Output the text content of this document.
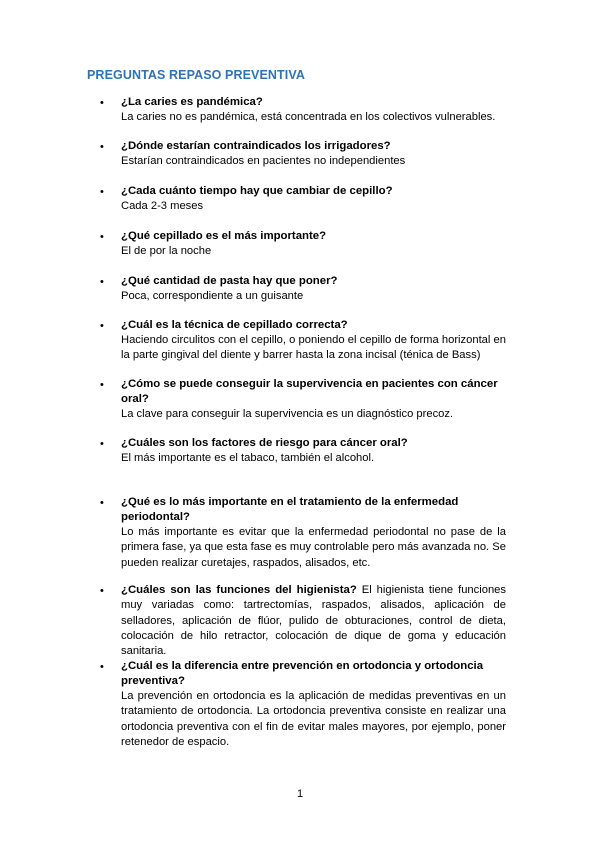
PREGUNTAS REPASO PREVENTIVA
• ¿La caries es pandémica?
La caries no es pandémica, está concentrada en los colectivos vulnerables.
• ¿Dónde estarían contraindicados los irrigadores?
Estarían contraindicados en pacientes no independientes
• ¿Cada cuánto tiempo hay que cambiar de cepillo?
Cada 2-3 meses
• ¿Qué cepillado es el más importante?
El de por la noche
• ¿Qué cantidad de pasta hay que poner?
Poca, correspondiente a un guisante
• ¿Cuál es la técnica de cepillado correcta?
Haciendo circulitos con el cepillo, o poniendo el cepillo de forma horizontal en la parte gingival del diente y barrer hasta la zona incisal (ténica de Bass)
• ¿Cómo se puede conseguir la supervivencia en pacientes con cáncer oral?
La clave para conseguir la supervivencia es un diagnóstico precoz.
• ¿Cuáles son los factores de riesgo para cáncer oral?
El más importante es el tabaco, también el alcohol.
• ¿Qué es lo más importante en el tratamiento de la enfermedad periodontal?
Lo más importante es evitar que la enfermedad periodontal no pase de la primera fase, ya que esta fase es muy controlable pero más avanzada no. Se pueden realizar curetajes, raspados, alisados, etc.
• ¿Cuáles son las funciones del higienista? El higienista tiene funciones muy variadas como: tartrectomías, raspados, alisados, aplicación de selladores, aplicación de flúor, pulido de obturaciones, control de dieta, colocación de hilo retractor, colocación de dique de goma y educación sanitaria.
• ¿Cuál es la diferencia entre prevención en ortodoncia y ortodoncia preventiva?
La prevención en ortodoncia es la aplicación de medidas preventivas en un tratamiento de ortodoncia. La ortodoncia preventiva consiste en realizar una ortodoncia preventiva con el fin de evitar males mayores, por ejemplo, poner retenedor de espacio.
1
